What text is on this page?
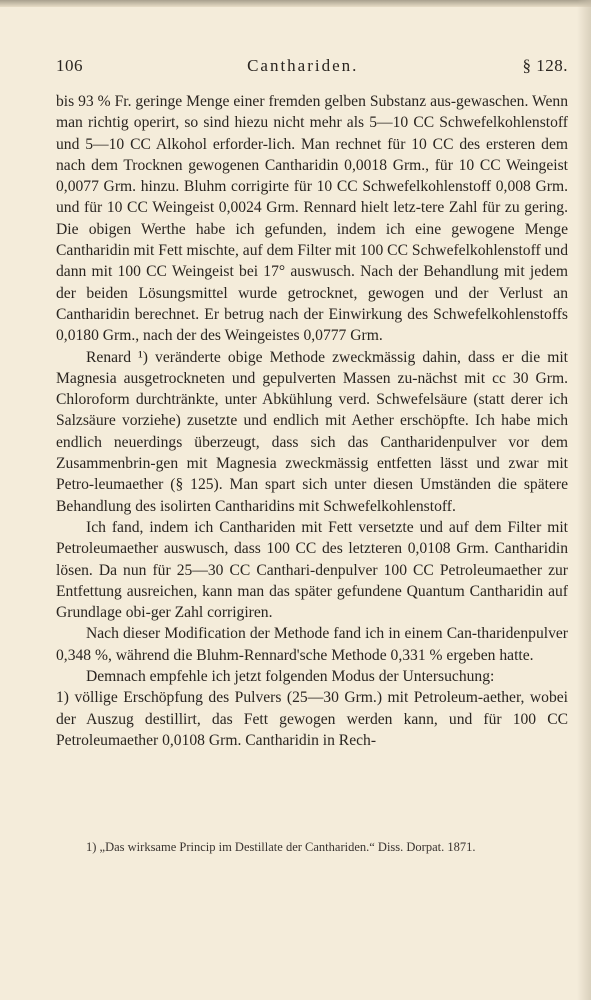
106	Canthariden.	§ 128.

bis 93 % Fr. geringe Menge einer fremden gelben Substanz aus-gewaschen. Wenn man richtig operirt, so sind hiezu nicht mehr als 5—10 CC Schwefelkohlenstoff und 5—10 CC Alkohol erforder-lich. Man rechnet für 10 CC des ersteren dem nach dem Trocknen gewogenen Cantharidin 0,0018 Grm., für 10 CC Weingeist 0,0077 Grm. hinzu. Bluhm corrigirte für 10 CC Schwefelkohlenstoff 0,008 Grm. und für 10 CC Weingeist 0,0024 Grm. Rennard hielt letz-tere Zahl für zu gering. Die obigen Werthe habe ich gefunden, indem ich eine gewogene Menge Cantharidin mit Fett mischte, auf dem Filter mit 100 CC Schwefelkohlenstoff und dann mit 100 CC Weingeist bei 17° auswusch. Nach der Behandlung mit jedem der beiden Lösungsmittel wurde getrocknet, gewogen und der Verlust an Cantharidin berechnet. Er betrug nach der Einwirkung des Schwefelkohlenstoffs 0,0180 Grm., nach der des Weingeistes 0,0777 Grm.

Renard ¹) veränderte obige Methode zweckmässig dahin, dass er die mit Magnesia ausgetrockneten und gepulverten Massen zu-nächst mit cc 30 Grm. Chloroform durchtränkte, unter Abkühlung verd. Schwefelsäure (statt derer ich Salzsäure vorziehe) zusetzte und endlich mit Aether erschöpfte. Ich habe mich endlich neuerdings überzeugt, dass sich das Cantharidenpulver vor dem Zusammenbrin-gen mit Magnesia zweckmässig entfetten lässt und zwar mit Petro-leumaether (§ 125). Man spart sich unter diesen Umständen die spätere Behandlung des isolirten Cantharidins mit Schwefelkohlenstoff.

Ich fand, indem ich Canthariden mit Fett versetzte und auf dem Filter mit Petroleumaether auswusch, dass 100 CC des letzteren 0,0108 Grm. Cantharidin lösen. Da nun für 25—30 CC Canthari-denpulver 100 CC Petroleumaether zur Entfettung ausreichen, kann man das später gefundene Quantum Cantharidin auf Grundlage obi-ger Zahl corrigiren.

Nach dieser Modification der Methode fand ich in einem Can-tharidenpulver 0,348 %, während die Bluhm-Rennard'sche Methode 0,331 % ergeben hatte.

Demnach empfehle ich jetzt folgenden Modus der Untersuchung:

1) völlige Erschöpfung des Pulvers (25—30 Grm.) mit Petroleum-aether, wobei der Auszug destillirt, das Fett gewogen werden kann, und für 100 CC Petroleumaether 0,0108 Grm. Cantharidin in Rech-

1) „Das wirksame Princip im Destillate der Canthariden.“ Diss. Dorpat. 1871.
